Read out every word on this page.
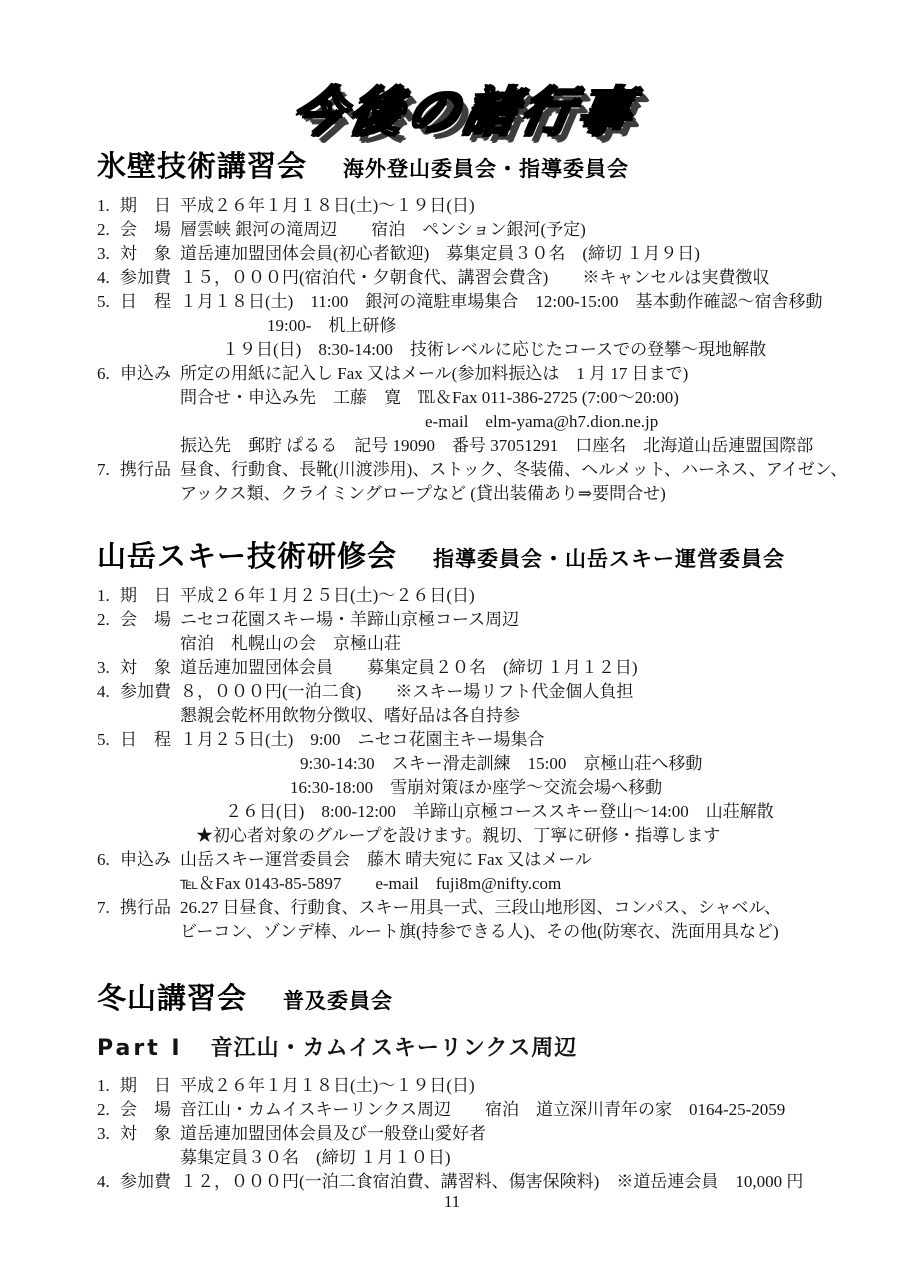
今後の諸行事
氷壁技術講習会 海外登山委員会・指導委員会
1. 期　日 平成２６年１月１８日(土)～１９日(日)
2. 会　場 層雲峡 銀河の滝周辺　　宿泊　ペンション銀河(予定)
3. 対　象 道岳連加盟団体会員(初心者歓迎)　募集定員３０名　(締切 １月９日)
4. 参加費 １５，０００円(宿泊代・夕朝食代、講習会費含)　　※キャンセルは実費徴収
5. 日　程 １月１８日(土)　11:00　銀河の滝駐車場集合　12:00-15:00　基本動作確認～宿舎移動
19:00-　机上研修
１９日(日)　8:30-14:00　技術レベルに応じたコースでの登攀～現地解散
6. 申込み 所定の用紙に記入し Fax 又はメール(参加料振込は　1 月 17 日まで)
問合せ・申込み先　工藤　寛　℡＆Fax 011-386-2725 (7:00～20:00)
e-mail　elm-yama@h7.dion.ne.jp
振込先　郵貯 ぱるる　記号 19090　番号 37051291　口座名　北海道山岳連盟国際部
7. 携行品 昼食、行動食、長靴(川渡渉用)、ストック、冬装備、ヘルメット、ハーネス、アイゼン、
アックス類、クライミングロープなど (貸出装備あり⇒要問合せ)
山岳スキー技術研修会 指導委員会・山岳スキー運営委員会
1. 期　日 平成２６年１月２５日(土)～２６日(日)
2. 会　場 ニセコ花園スキー場・羊蹄山京極コース周辺
宿泊　札幌山の会　京極山荘
3. 対　象 道岳連加盟団体会員　　募集定員２０名　(締切 １月１２日)
4. 参加費 ８，０００円(一泊二食)　　※スキー場リフト代金個人負担
懇親会乾杯用飲物分徴収、嗜好品は各自持参
5. 日　程 １月２５日(土)　9:00　ニセコ花園主キー場集合
9:30-14:30　スキー滑走訓練　15:00　京極山荘へ移動
16:30-18:00　雪崩対策ほか座学～交流会場へ移動
２６日(日)　8:00-12:00　羊蹄山京極コーススキー登山～14:00　山荘解散
★初心者対象のグループを設けます。親切、丁寧に研修・指導します
6. 申込み 山岳スキー運営委員会　藤木 晴夫宛に Fax 又はメール
℡＆Fax 0143-85-5897　　e-mail　fuji8m@nifty.com
7. 携行品 26.27 日昼食、行動食、スキー用具一式、三段山地形図、コンパス、シャベル、
ビーコン、ゾンデ棒、ルート旗(持参できる人)、その他(防寒衣、洗面用具など)
冬山講習会 普及委員会
Part Ⅰ 音江山・カムイスキーリンクス周辺
1. 期　日 平成２６年１月１８日(土)～１９日(日)
2. 会　場 音江山・カムイスキーリンクス周辺　　宿泊　道立深川青年の家　0164-25-2059
3. 対　象 道岳連加盟団体会員及び一般登山愛好者
募集定員３０名　(締切 １月１０日)
4. 参加費 １２，０００円(一泊二食宿泊費、講習料、傷害保険料)　※道岳連会員　10,000 円
11
